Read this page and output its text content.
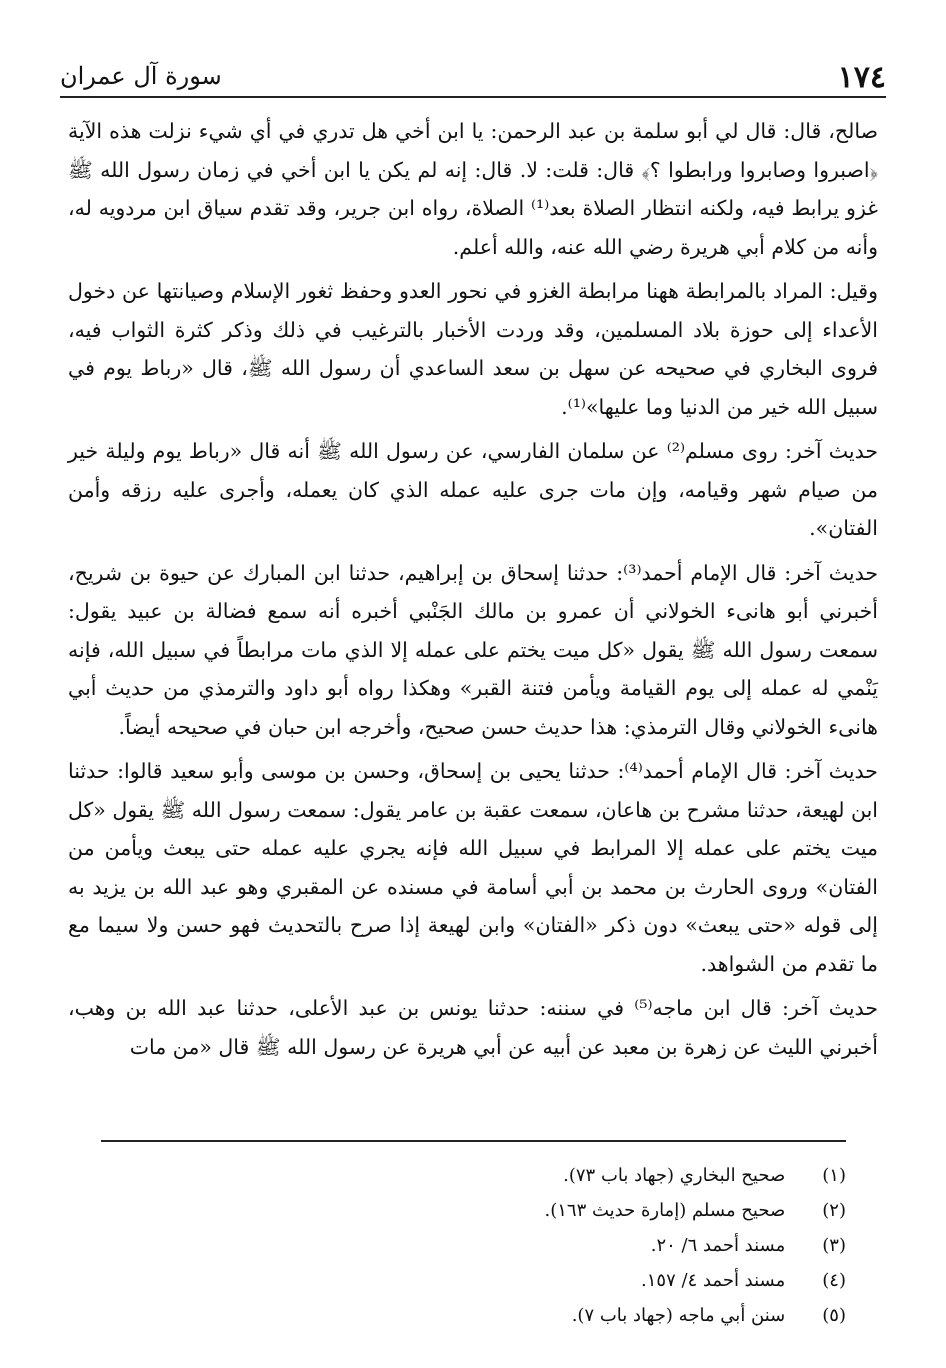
١٧٤
سورة آل عمران

صالح، قال: قال لي أبو سلمة بن عبد الرحمن: يا ابن أخي هل تدري في أي شيء نزلت هذه الآية ﴿اصبروا وصابروا ورابطوا ؟﴾ قال: قلت: لا. قال: إنه لم يكن يا ابن أخي في زمان رسول الله ﷺ غزو يرابط فيه، ولكنه انتظار الصلاة بعد⁽¹⁾ الصلاة، رواه ابن جرير، وقد تقدم سياق ابن مردويه له، وأنه من كلام أبي هريرة رضي الله عنه، والله أعلم.

وقيل: المراد بالمرابطة ههنا مرابطة الغزو في نحور العدو وحفظ ثغور الإسلام وصيانتها عن دخول الأعداء إلى حوزة بلاد المسلمين، وقد وردت الأخبار بالترغيب في ذلك وذكر كثرة الثواب فيه، فروى البخاري في صحيحه عن سهل بن سعد الساعدي أن رسول الله ﷺ، قال «رباط يوم في سبيل الله خير من الدنيا وما عليها»⁽¹⁾.

حديث آخر: روى مسلم⁽²⁾ عن سلمان الفارسي، عن رسول الله ﷺ أنه قال «رباط يوم وليلة خير من صيام شهر وقيامه، وإن مات جرى عليه عمله الذي كان يعمله، وأجرى عليه رزقه وأمن الفتان».

حديث آخر: قال الإمام أحمد⁽³⁾: حدثنا إسحاق بن إبراهيم، حدثنا ابن المبارك عن حيوة بن شريح، أخبرني أبو هانىء الخولاني أن عمرو بن مالك الجَنْبي أخبره أنه سمع فضالة بن عبيد يقول: سمعت رسول الله ﷺ يقول «كل ميت يختم على عمله إلا الذي مات مرابطاً في سبيل الله، فإنه يَنْمي له عمله إلى يوم القيامة ويأمن فتنة القبر» وهكذا رواه أبو داود والترمذي من حديث أبي هانىء الخولاني وقال الترمذي: هذا حديث حسن صحيح، وأخرجه ابن حبان في صحيحه أيضاً.

حديث آخر: قال الإمام أحمد⁽⁴⁾: حدثنا يحيى بن إسحاق، وحسن بن موسى وأبو سعيد قالوا: حدثنا ابن لهيعة، حدثنا مشرح بن هاعان، سمعت عقبة بن عامر يقول: سمعت رسول الله ﷺ يقول «كل ميت يختم على عمله إلا المرابط في سبيل الله فإنه يجري عليه عمله حتى يبعث ويأمن من الفتان» وروى الحارث بن محمد بن أبي أسامة في مسنده عن المقبري وهو عبد الله بن يزيد به إلى قوله «حتى يبعث» دون ذكر «الفتان» وابن لهيعة إذا صرح بالتحديث فهو حسن ولا سيما مع ما تقدم من الشواهد.

حديث آخر: قال ابن ماجه⁽⁵⁾ في سننه: حدثنا يونس بن عبد الأعلى، حدثنا عبد الله بن وهب، أخبرني الليث عن زهرة بن معبد عن أبيه عن أبي هريرة عن رسول الله ﷺ قال «من مات

(١) صحيح البخاري (جهاد باب ٧٣).
(٢) صحيح مسلم (إمارة حديث ١٦٣).
(٣) مسند أحمد ٦/ ٢٠.
(٤) مسند أحمد ٤/ ١٥٧.
(٥) سنن أبي ماجه (جهاد باب ٧).
